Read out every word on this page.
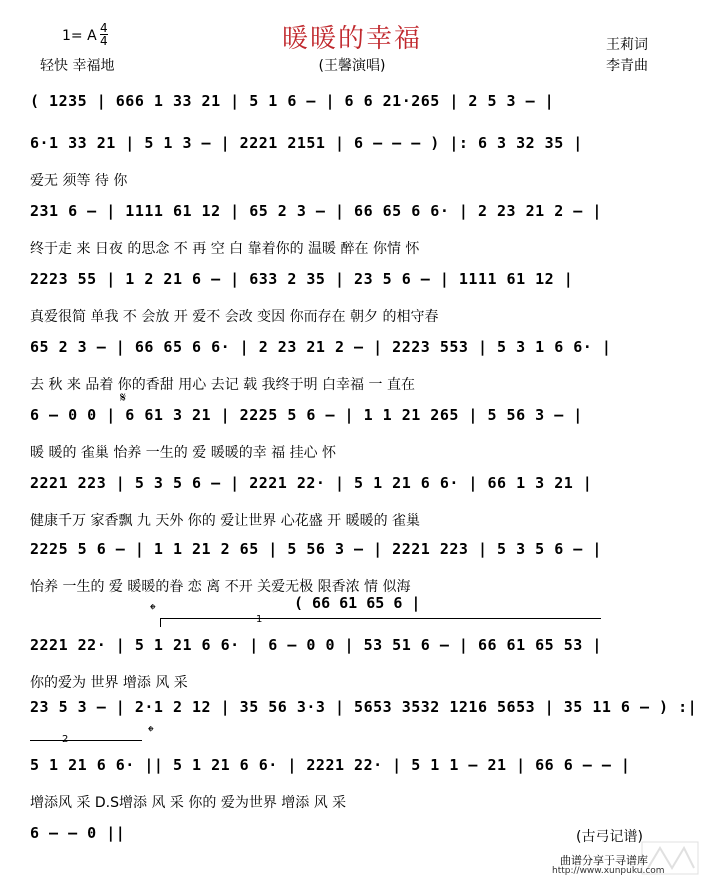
暖暖的幸福
1= A 4
4
轻快 幸福地	(王馨演唱)
王莉词
李青曲
( 1235 | 666 1 33 21 | 5 1 6 — | 6 6 21·265 | 2 5 3 — |
6·1 33 21 | 5 1 3 — | 2221 2151 | 6 — — — ) |: 6 3 32 35 |
爱无 须等 待 你
231 6 — | 1111 61 12 | 65 2 3 — | 66 65 6 6· | 2 23 21 2 — |
终于走 来 日夜 的思念 不 再 空 白 靠着你的 温暖 醉在 你情 怀
2223 55 | 1 2 21 6 — | 633 2 35 | 23 5 6 — | 1111 61 12 |
真爱很简 单我 不 会放 开 爱不 会改 变因 你而存在 朝夕 的相守春
65 2 3 — | 66 65 6 6· | 2 23 21 2 — | 2223 553 | 5 3 1 6 6· |
去 秋 来 品着 你的香甜 用心 去记 载 我终于明 白幸福 一 直在
𝄋
6 — 0 0 | 6 61 3 21 | 2225 5 6 — | 1 1 21 265 | 5 56 3 — |
暖 暖的 雀巢 怡养 一生的 爱 暖暖的幸 福 挂心 怀
2221 223 | 5 3 5 6 — | 2221 22· | 5 1 21 6 6· | 66 1 3 21 |
健康千万 家香飘 九 天外 你的 爱让世界 心花盛 开 暖暖的 雀巢
2225 5 6 — | 1 1 21 2 65 | 5 56 3 — | 2221 223 | 5 3 5 6 — |
怡养 一生的 爱 暖暖的眷 恋 离 不开 关爱无极 限香浓 情 似海
( 66 61 65 6 |
𝄌
1
2221 22· | 5 1 21 6 6· | 6 — 0 0 | 53 51 6 — | 66 61 65 53 |
你的爱为 世界 增添 风 采
23 5 3 — | 2·1 2 12 | 35 56 3·3 | 5653 3532 1216 5653 | 35 11 6 — ) :|
2	𝄌
5 1 21 6 6· || 5 1 21 6 6· | 2221 22· | 5 1 1 — 21 | 66 6 — — |
增添风 采 D.S增添 风 采 你的 爱为世界 增添 风 采
6 — — 0 ||	(古弓记谱)
曲谱分享于寻谱库
http://www.xunpuku.com
